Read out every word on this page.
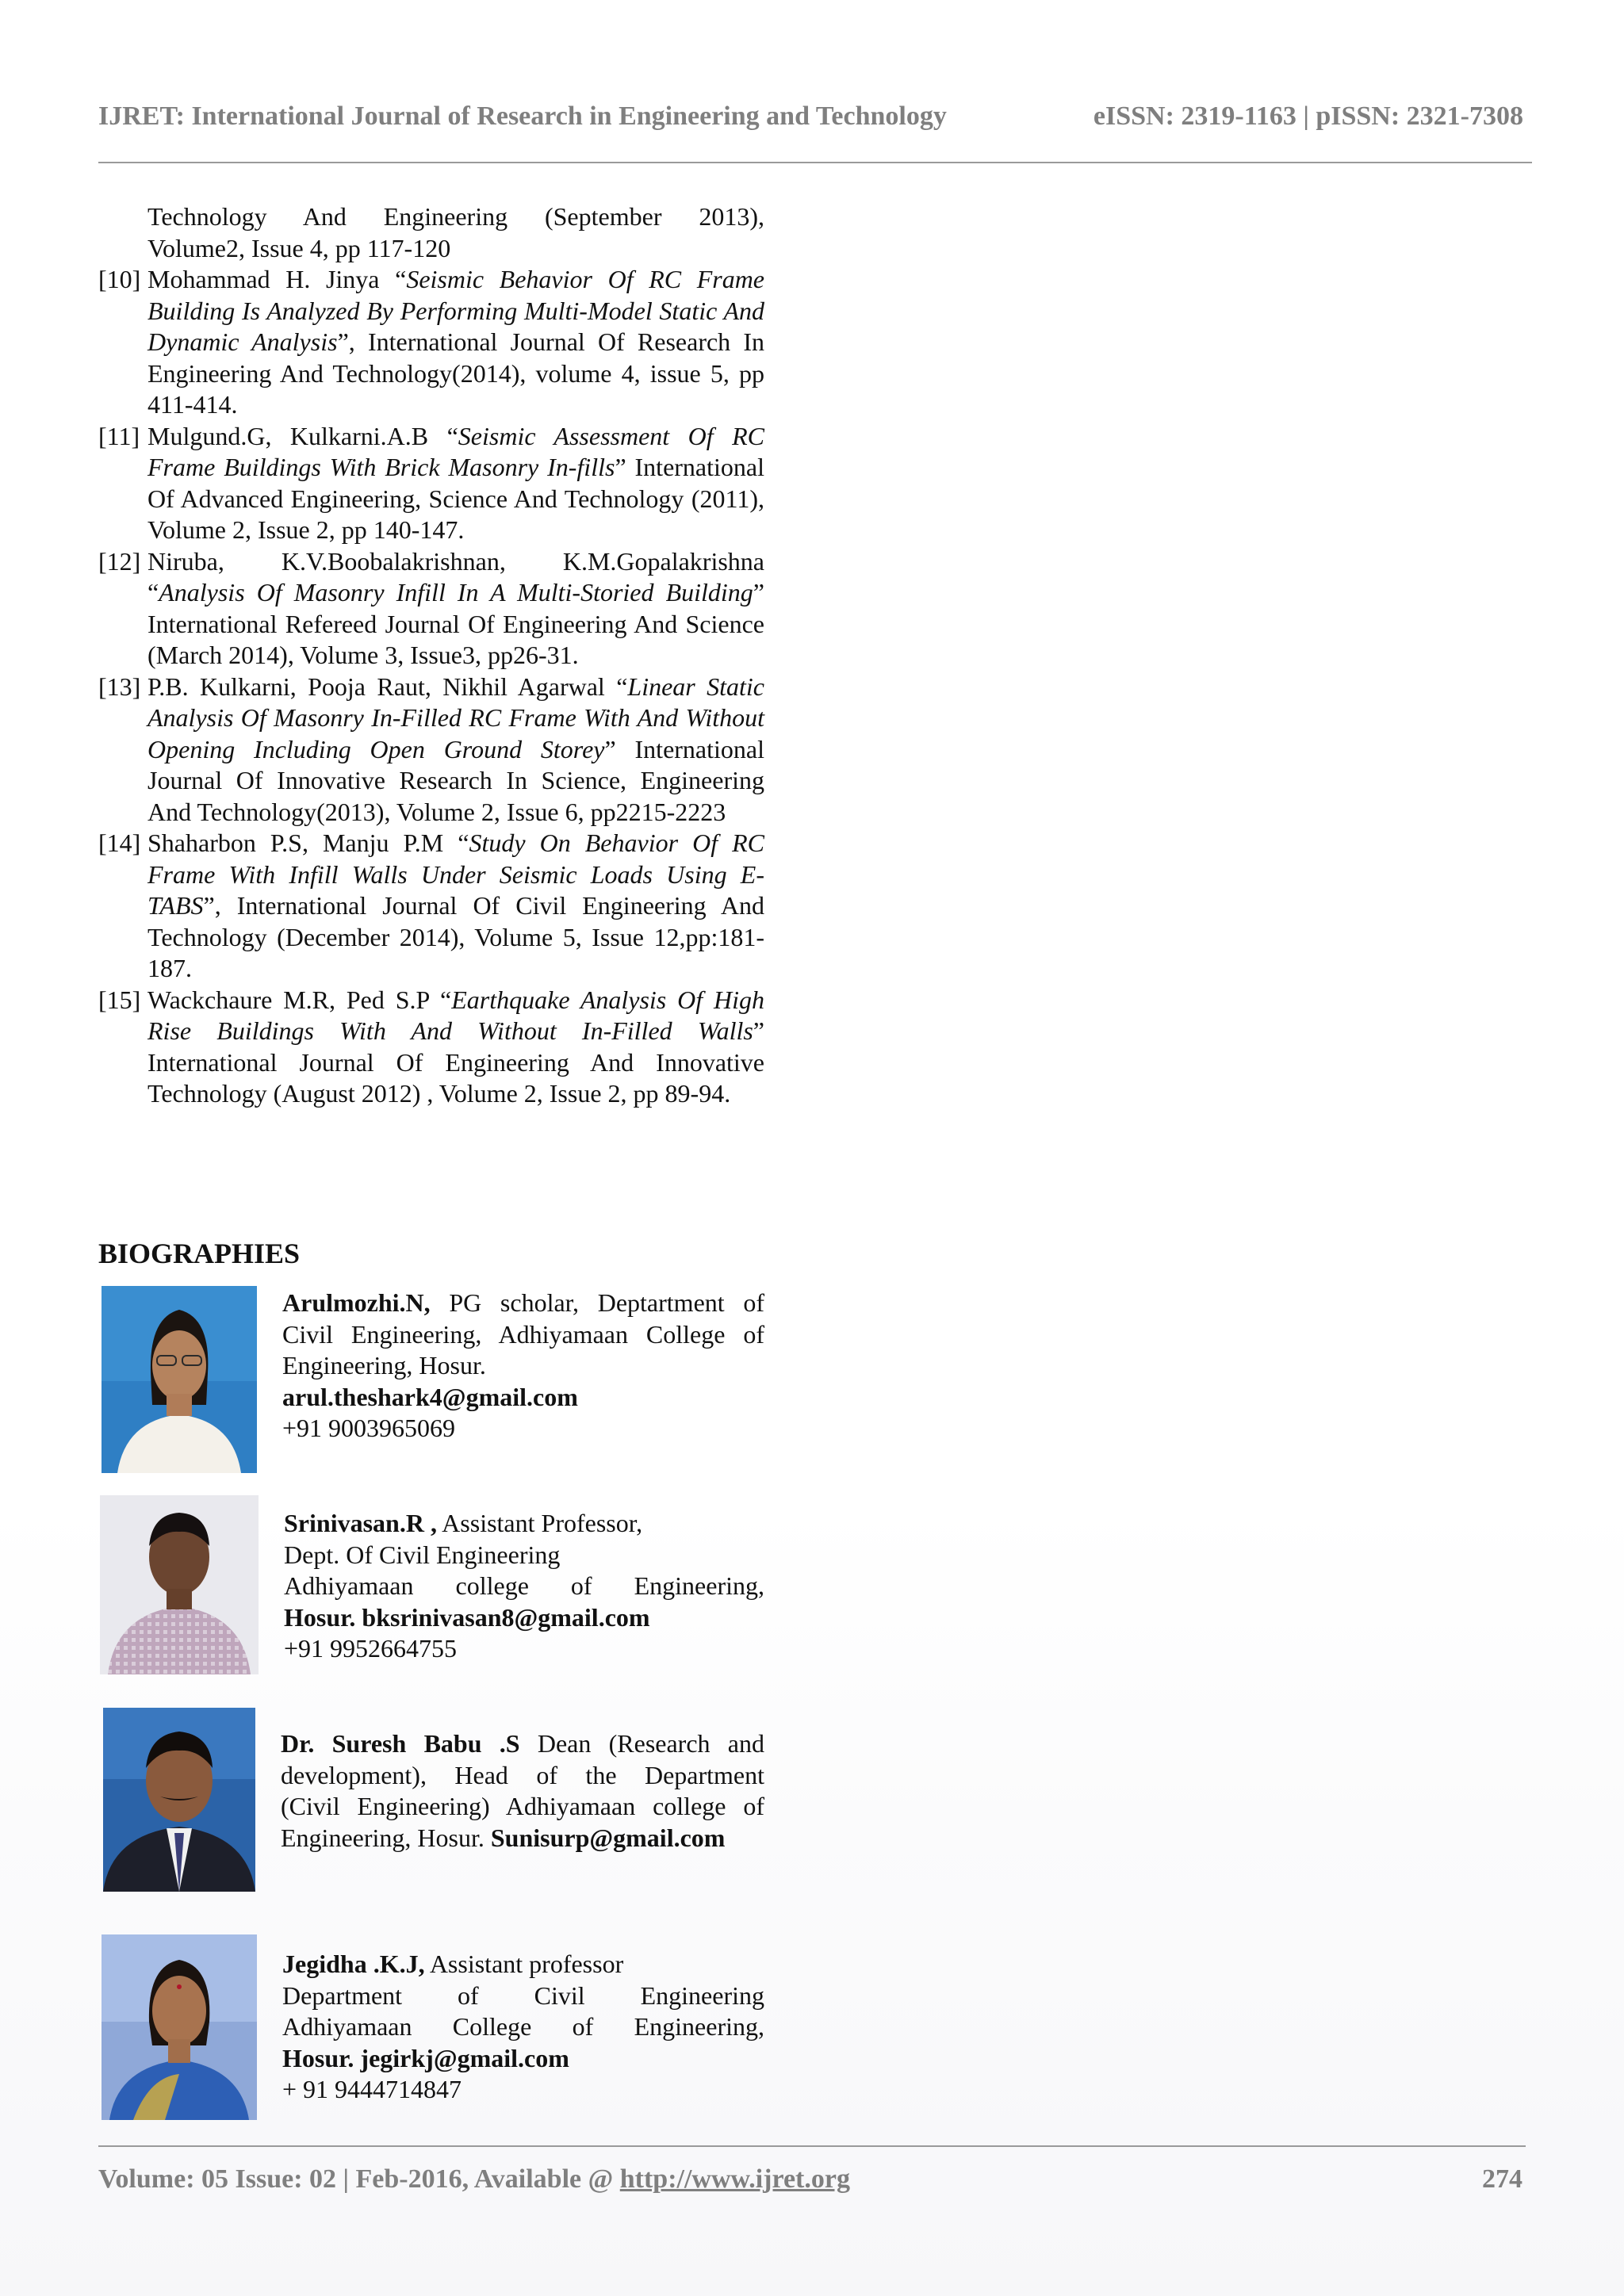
IJRET: International Journal of Research in Engineering and Technology	eISSN: 2319-1163 | pISSN: 2321-7308
Technology And Engineering (September 2013),
Volume2, Issue 4, pp 117-120
[10] Mohammad H. Jinya “Seismic Behavior Of RC Frame Building Is Analyzed By Performing Multi-Model Static And Dynamic Analysis”, International Journal Of Research In Engineering And Technology(2014), volume 4, issue 5, pp 411-414.
[11] Mulgund.G, Kulkarni.A.B “Seismic Assessment Of RC Frame Buildings With Brick Masonry In-fills” International Of Advanced Engineering, Science And Technology (2011), Volume 2, Issue 2, pp 140-147.
[12] Niruba, K.V.Boobalakrishnan, K.M.Gopalakrishna “Analysis Of Masonry Infill In A Multi-Storied Building” International Refereed Journal Of Engineering And Science (March 2014), Volume 3, Issue3, pp26-31.
[13] P.B. Kulkarni, Pooja Raut, Nikhil Agarwal “Linear Static Analysis Of Masonry In-Filled RC Frame With And Without Opening Including Open Ground Storey” International Journal Of Innovative Research In Science, Engineering And Technology(2013), Volume 2, Issue 6, pp2215-2223
[14] Shaharbon P.S, Manju P.M “Study On Behavior Of RC Frame With Infill Walls Under Seismic Loads Using E-TABS”, International Journal Of Civil Engineering And Technology (December 2014), Volume 5, Issue 12,pp:181-187.
[15] Wackchaure M.R, Ped S.P “Earthquake Analysis Of High Rise Buildings With And Without In-Filled Walls” International Journal Of Engineering And Innovative Technology (August 2012) , Volume 2, Issue 2, pp 89-94.
BIOGRAPHIES
Arulmozhi.N, PG scholar, Deptartment of
Civil Engineering, Adhiyamaan College of
Engineering, Hosur.
arul.theshark4@gmail.com
+91 9003965069
Srinivasan.R , Assistant Professor,
Dept. Of Civil Engineering
Adhiyamaan college of Engineering,
Hosur. bksrinivasan8@gmail.com
+91 9952664755
Dr. Suresh Babu .S Dean (Research and
development), Head of the Department
(Civil Engineering) Adhiyamaan college of
Engineering, Hosur. Sunisurp@gmail.com
Jegidha .K.J, Assistant professor
Department of Civil Engineering
Adhiyamaan College of Engineering,
Hosur. jegirkj@gmail.com
+ 91 9444714847
Volume: 05 Issue: 02 | Feb-2016, Available @ http://www.ijret.org	274
